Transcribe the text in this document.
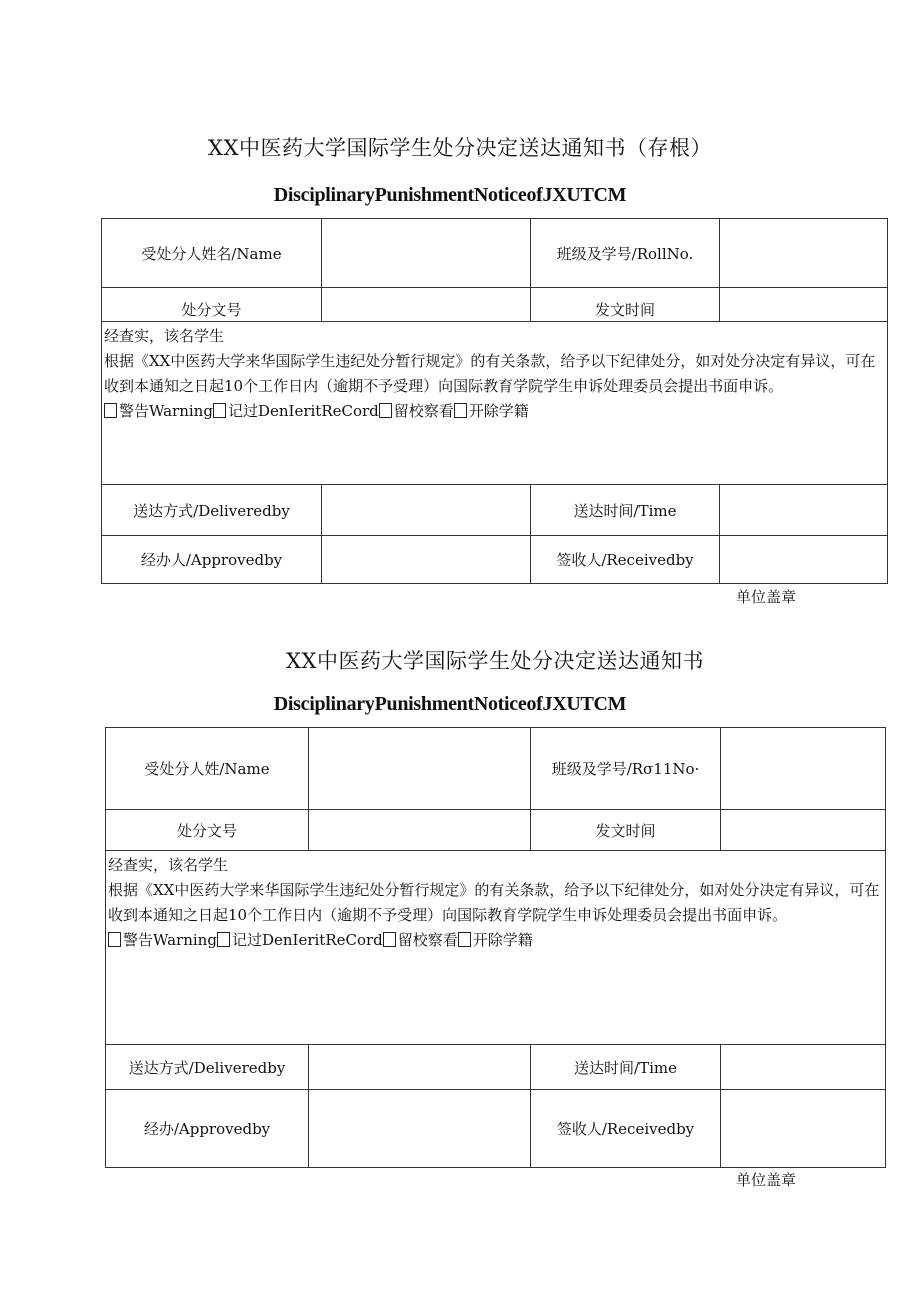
XX中医药大学国际学生处分决定送达通知书（存根）
DisciplinaryPunishmentNoticeofJXUTCM
受处分人姓名/Name		班级及学号/RollNo.	
处分文号		发文时间	

经查实，该名学生
根据《XX中医药大学来华国际学生违纪处分暂行规定》的有关条款，给予以下纪律处分，如对处分决定有异议，可在收到本通知之日起10个工作日内（逾期不予受理）向国际教育学院学生申诉处理委员会提出书面申诉。
警告Warning 记过DenIeritReCord 留校察看 开除学籍			

送达方式/Deliveredby		送达时间/Time	
经办人/Approvedby		签收人/Receivedby	
单位盖章
XX中医药大学国际学生处分决定送达通知书
DisciplinaryPunishmentNoticeofJXUTCM
受处分人姓/Name		班级及学号/Rσ11No·	
处分文号		发文时间	

经查实，该名学生
根据《XX中医药大学来华国际学生违纪处分暂行规定》的有关条款，给予以下纪律处分，如对处分决定有异议，可在收到本通知之日起10个工作日内（逾期不予受理）向国际教育学院学生申诉处理委员会提出书面申诉。
警告Warning 记过DenIeritReCord 留校察看 开除学籍			

送达方式/Deliveredby		送达时间/Time	
经办/Approvedby		签收人/Receivedby	
单位盖章
